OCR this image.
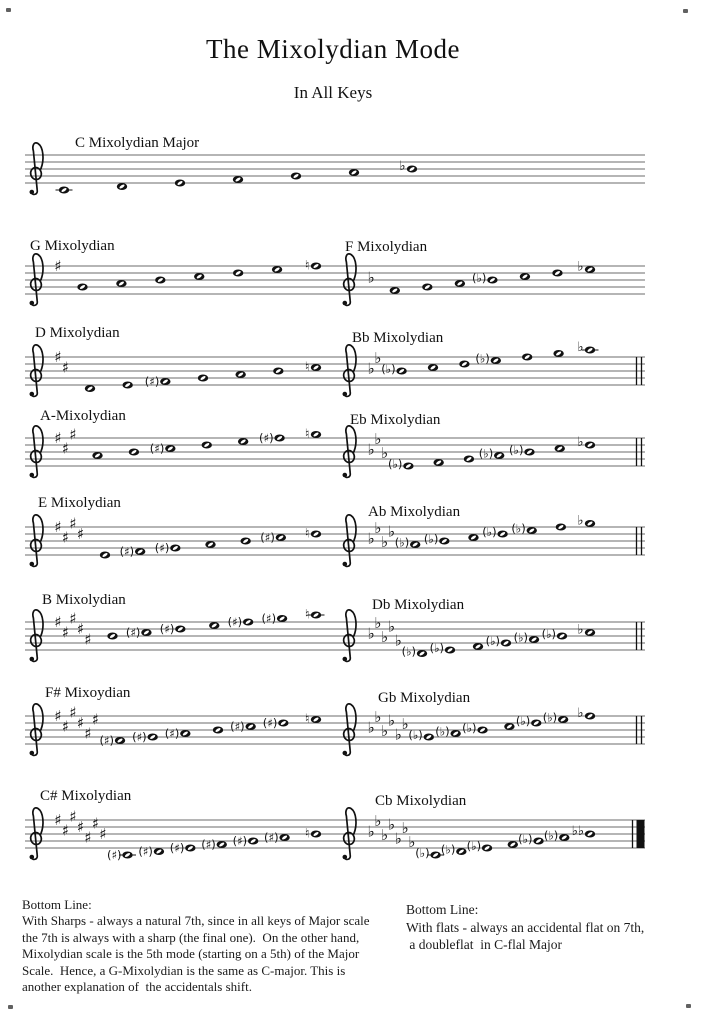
The Mixolydian Mode
In All Keys
C Mixolydian Major
♭
G Mixolydian
♯	♮
F Mixolydian
♭	(♭)
♭
D Mixolydian
♯
♯
(♯)
♮
Bb Mixolydian
♭
♭
(♭)
(♭)
♭
A-Mixolydian
♯
♯
♯
(♯)
(♯) ♮
Eb Mixolydian
♭
♭
♭
(♭)
(♭) (♭)	♭
E Mixolydian
♯
♯
♯
♯
(♯) (♯)
(♯) ♮
Ab Mixolydian
♭
♭
♭
♭
(♭) (♭)	(♭) (♭)	♭
B Mixolydian
♯
♯
♯
♯
♯	(♯) (♯)	(♯) (♯) ♮
Db Mixolydian
♭
♭
♭
♭
♭
(♭) (♭)	(♭) (♭) (♭) ♭
F# Mixoydian
♯
♯
♯
♯
♯
♯
(♯) (♯) (♯)	(♯) (♯) ♮
Gb Mixolydian
♭
♭
♭
♭
♭
♭
(♭) (♭) (♭)	(♭) (♭) ♭
C# Mixolydian
♯
♯
♯
♯
♯
♯
♯
(♯) (♯) (♯) (♯) (♯) (♯) ♮
Cb Mixolydian
♭
♭
♭
♭
♭
♭
♭
(♭) (♭) (♭)	(♭) (♭) ♭♭
Bottom Line:
With Sharps - always a natural 7th, since in all keys of Major scale
the 7th is always with a sharp (the final one).  On the other hand,
Mixolydian scale is the 5th mode (starting on a 5th) of the Major
Scale.  Hence, a G-Mixolydian is the same as C-major. This is
another explanation of  the accidentals shift.
Bottom Line:
With flats - always an accidental flat on 7th,
a doubleflat  in C-flal Major
